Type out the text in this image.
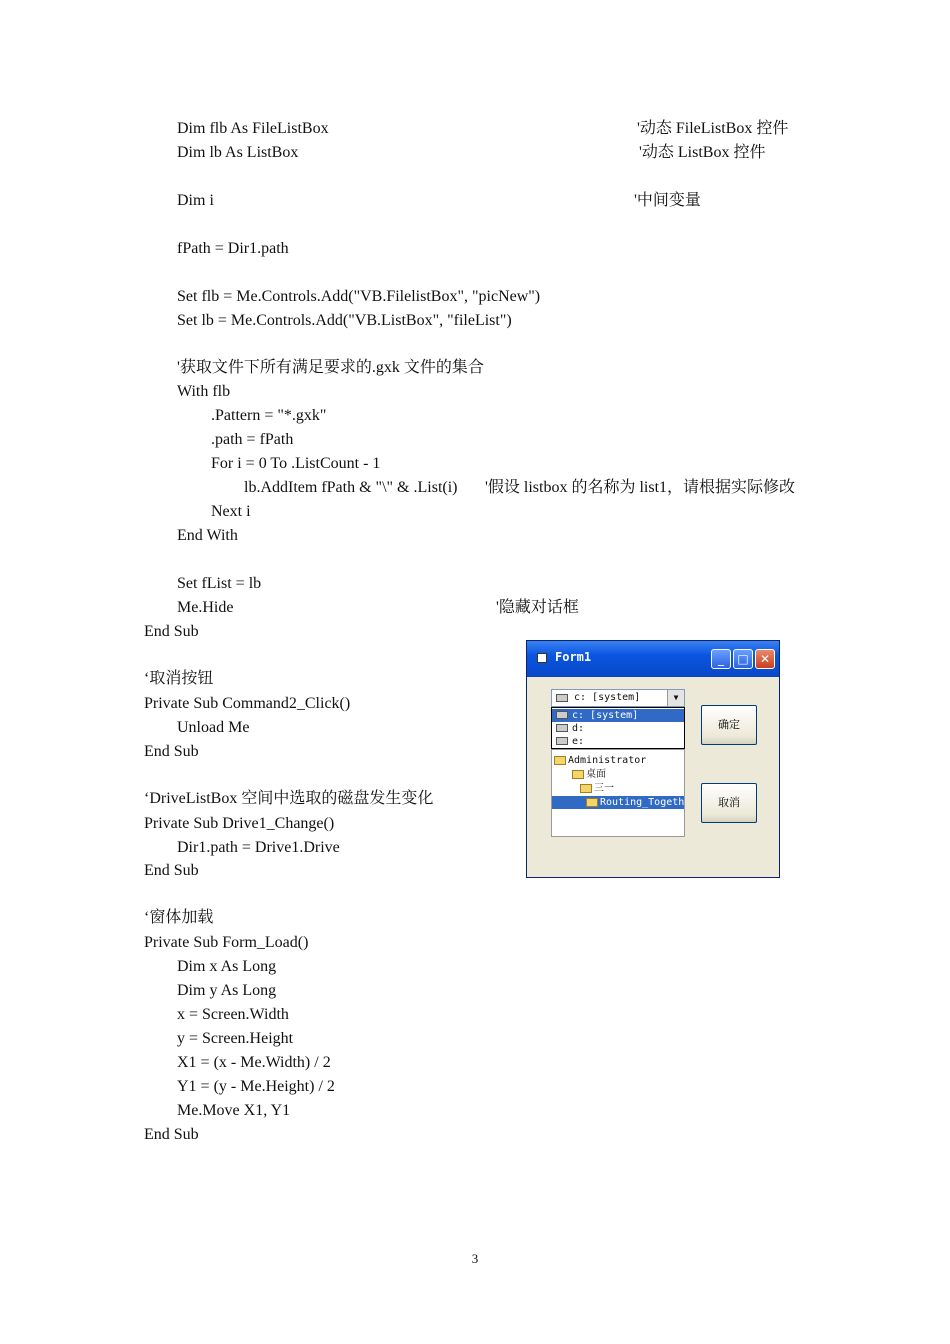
Dim flb As FileListBox	'动态 FileListBox 控件
Dim lb As ListBox	'动态 ListBox 控件
Dim i	'中间变量
fPath = Dir1.path
Set flb = Me.Controls.Add("VB.FilelistBox", "picNew")
Set lb = Me.Controls.Add("VB.ListBox", "fileList")
'获取文件下所有满足要求的.gxk 文件的集合
With flb
.Pattern = "*.gxk"
.path = fPath
For i = 0 To .ListCount - 1
lb.AddItem fPath & "\" & .List(i) '假设 listbox 的名称为 list1，请根据实际修改
Next i
End With
Set fList = lb
Me.Hide	'隐藏对话框
End Sub
‘取消按钮
Private Sub Command2_Click()
Unload Me
End Sub
‘DriveListBox 空间中选取的磁盘发生变化
Private Sub Drive1_Change()
Dir1.path = Drive1.Drive
End Sub
‘窗体加载
Private Sub Form_Load()
Dim x As Long
Dim y As Long
x = Screen.Width
y = Screen.Height
X1 = (x - Me.Width) / 2
Y1 = (y - Me.Height) / 2
Me.Move X1, Y1
End Sub
Form1	_	□ ✕
c: [system]	▼
c: [system]
d:
e:
Administrator
桌面
三一
Routing_Togeth
确定
取消
3
